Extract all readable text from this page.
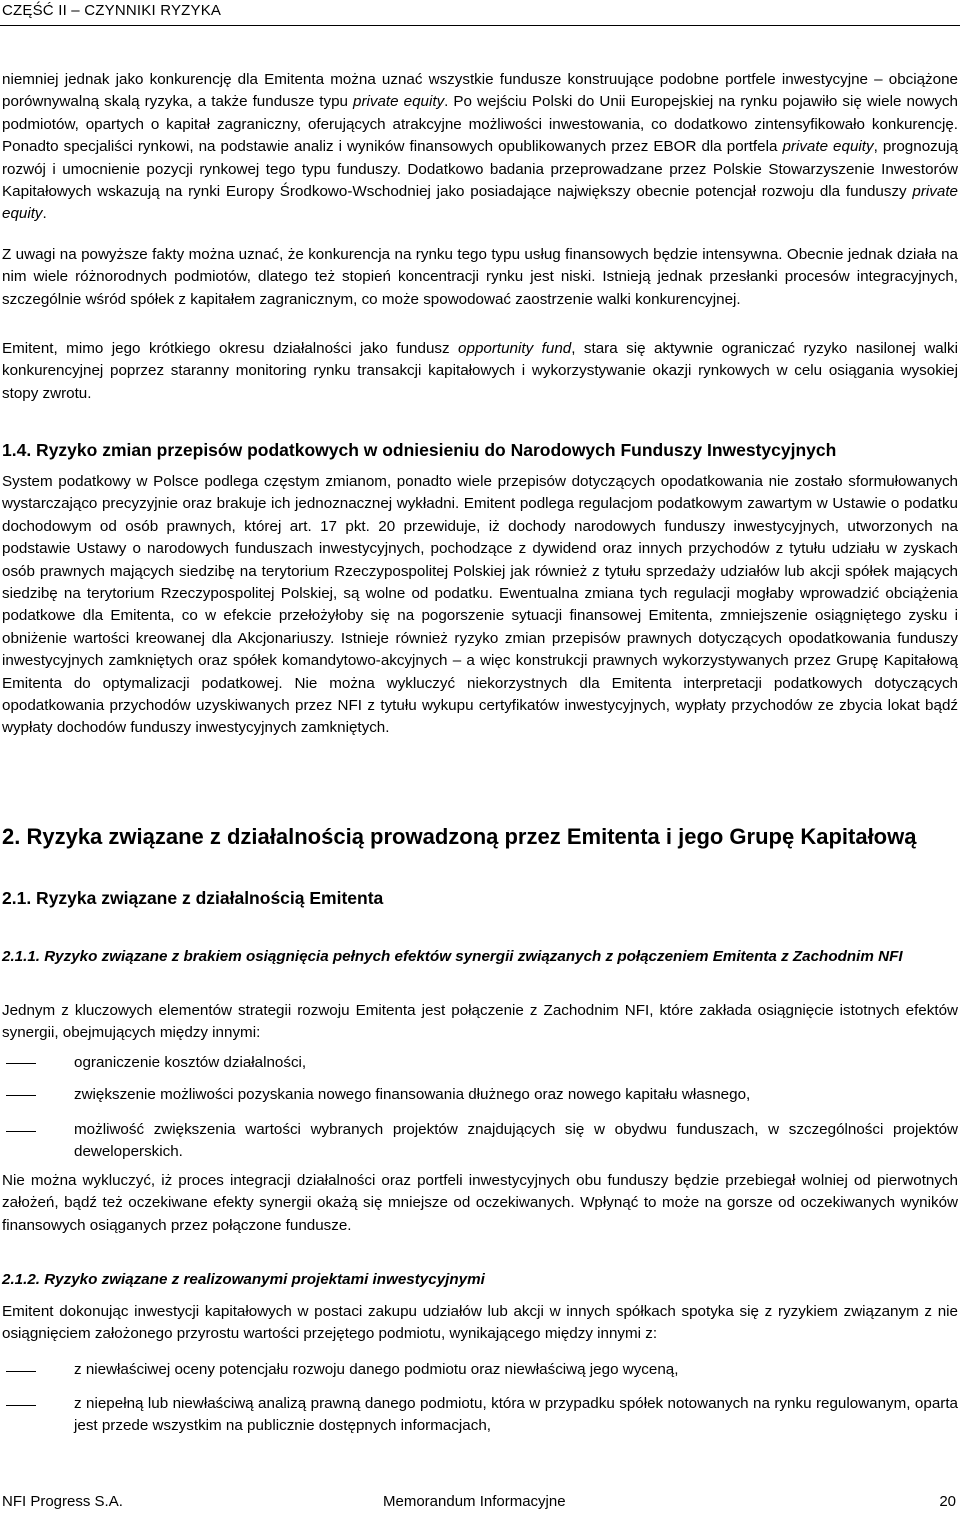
CZĘŚĆ II – CZYNNIKI RYZYKA

niemniej jednak jako konkurencję dla Emitenta można uznać wszystkie fundusze konstruujące podobne portfele inwestycyjne – obciążone porównywalną skalą ryzyka, a także fundusze typu private equity. Po wejściu Polski do Unii Europejskiej na rynku pojawiło się wiele nowych podmiotów, opartych o kapitał zagraniczny, oferujących atrakcyjne możliwości inwestowania, co dodatkowo zintensyfikowało konkurencję. Ponadto specjaliści rynkowi, na podstawie analiz i wyników finansowych opublikowanych przez EBOR dla portfela private equity, prognozują rozwój i umocnienie pozycji rynkowej tego typu funduszy. Dodatkowo badania przeprowadzane przez Polskie Stowarzyszenie Inwestorów Kapitałowych wskazują na rynki Europy Środkowo-Wschodniej jako posiadające największy obecnie potencjał rozwoju dla funduszy private equity.

Z uwagi na powyższe fakty można uznać, że konkurencja na rynku tego typu usług finansowych będzie intensywna. Obecnie jednak działa na nim wiele różnorodnych podmiotów, dlatego też stopień koncentracji rynku jest niski. Istnieją jednak przesłanki procesów integracyjnych, szczególnie wśród spółek z kapitałem zagranicznym, co może spowodować zaostrzenie walki konkurencyjnej.

Emitent, mimo jego krótkiego okresu działalności jako fundusz opportunity fund, stara się aktywnie ograniczać ryzyko nasilonej walki konkurencyjnej poprzez staranny monitoring rynku transakcji kapitałowych i wykorzystywanie okazji rynkowych w celu osiągania wysokiej stopy zwrotu.

1.4. Ryzyko zmian przepisów podatkowych w odniesieniu do Narodowych Funduszy Inwestycyjnych

System podatkowy w Polsce podlega częstym zmianom, ponadto wiele przepisów dotyczących opodatkowania nie zostało sformułowanych wystarczająco precyzyjnie oraz brakuje ich jednoznacznej wykładni. Emitent podlega regulacjom podatkowym zawartym w Ustawie o podatku dochodowym od osób prawnych, której art. 17 pkt. 20 przewiduje, iż dochody narodowych funduszy inwestycyjnych, utworzonych na podstawie Ustawy o narodowych funduszach inwestycyjnych, pochodzące z dywidend oraz innych przychodów z tytułu udziału w zyskach osób prawnych mających siedzibę na terytorium Rzeczypospolitej Polskiej jak również z tytułu sprzedaży udziałów lub akcji spółek mających siedzibę na terytorium Rzeczypospolitej Polskiej, są wolne od podatku. Ewentualna zmiana tych regulacji mogłaby wprowadzić obciążenia podatkowe dla Emitenta, co w efekcie przełożyłoby się na pogorszenie sytuacji finansowej Emitenta, zmniejszenie osiągniętego zysku i obniżenie wartości kreowanej dla Akcjonariuszy. Istnieje również ryzyko zmian przepisów prawnych dotyczących opodatkowania funduszy inwestycyjnych zamkniętych oraz spółek komandytowo-akcyjnych – a więc konstrukcji prawnych wykorzystywanych przez Grupę Kapitałową Emitenta do optymalizacji podatkowej. Nie można wykluczyć niekorzystnych dla Emitenta interpretacji podatkowych dotyczących opodatkowania przychodów uzyskiwanych przez NFI z tytułu wykupu certyfikatów inwestycyjnych, wypłaty przychodów ze zbycia lokat bądź wypłaty dochodów funduszy inwestycyjnych zamkniętych.

2. Ryzyka związane z działalnością prowadzoną przez Emitenta i jego Grupę Kapitałową
2.1. Ryzyka związane z działalnością Emitenta
2.1.1. Ryzyko związane z brakiem osiągnięcia pełnych efektów synergii związanych z połączeniem Emitenta z Zachodnim NFI

Jednym z kluczowych elementów strategii rozwoju Emitenta jest połączenie z Zachodnim NFI, które zakłada osiągnięcie istotnych efektów synergii, obejmujących między innymi:

ograniczenie kosztów działalności,

zwiększenie możliwości pozyskania nowego finansowania dłużnego oraz nowego kapitału własnego,

możliwość zwiększenia wartości wybranych projektów znajdujących się w obydwu funduszach, w szczególności projektów deweloperskich.

Nie można wykluczyć, iż proces integracji działalności oraz portfeli inwestycyjnych obu funduszy będzie przebiegał wolniej od pierwotnych założeń, bądź też oczekiwane efekty synergii okażą się mniejsze od oczekiwanych. Wpłynąć to może na gorsze od oczekiwanych wyników finansowych osiąganych przez połączone fundusze.

2.1.2. Ryzyko związane z realizowanymi projektami inwestycyjnymi

Emitent dokonując inwestycji kapitałowych w postaci zakupu udziałów lub akcji w innych spółkach spotyka się z ryzykiem związanym z nie osiągnięciem założonego przyrostu wartości przejętego podmiotu, wynikającego między innymi z:

z niewłaściwej oceny potencjału rozwoju danego podmiotu oraz niewłaściwą jego wyceną,

z niepełną lub niewłaściwą analizą prawną danego podmiotu, która w przypadku spółek notowanych na rynku regulowanym, oparta jest przede wszystkim na publicznie dostępnych informacjach,

NFI Progress S.A.	Memorandum Informacyjne	20
